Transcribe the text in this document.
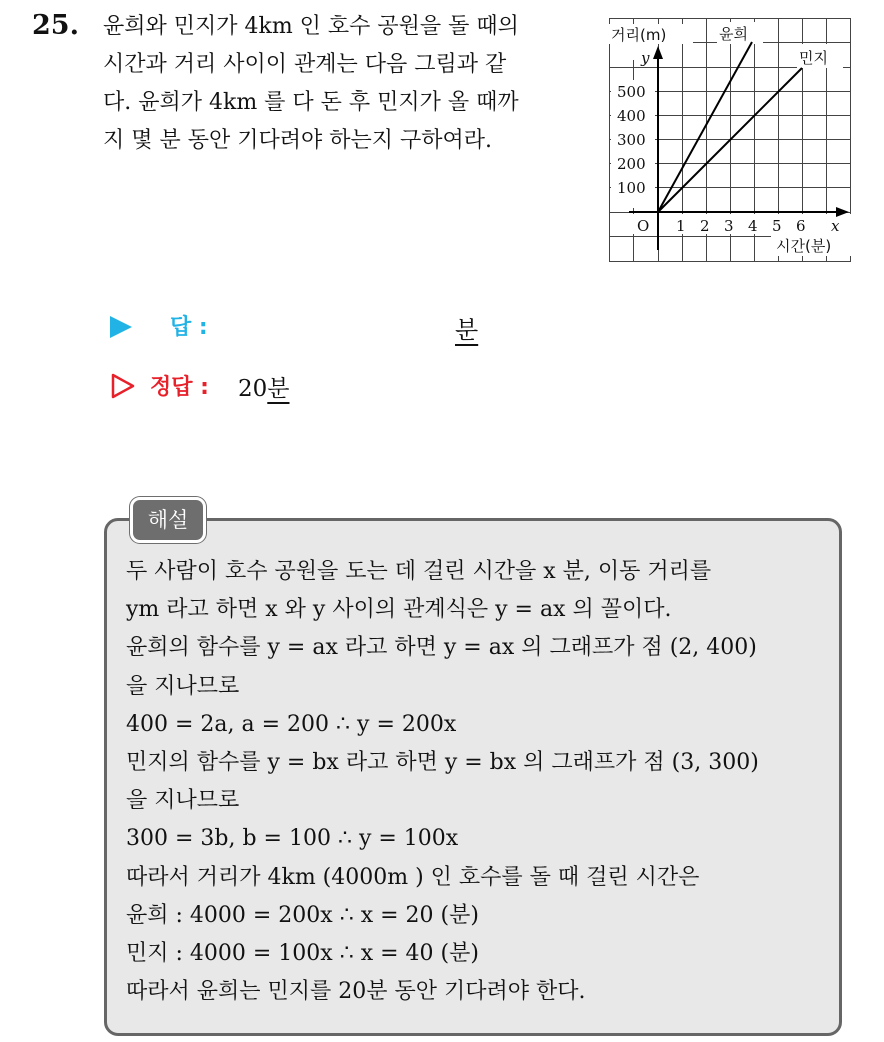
25. 윤희와 민지가 4km 인 호수 공원을 돌 때의
시간과 거리 사이이 관계는 다음 그림과 같
다. 윤희가 4km 를 다 돈 후 민지가 올 때까
지 몇 분 동안 기다려야 하는지 구하여라.
거리(m)
y
윤희
민지
500
400
300
200
100
O 1 2 3 4 5 6 x
시간(분)
답 :	분
정답 : 20분
해설
두 사람이 호수 공원을 도는 데 걸린 시간을 x 분, 이동 거리를
ym 라고 하면 x 와 y 사이의 관계식은 y = ax 의 꼴이다.
윤희의 함수를 y = ax 라고 하면 y = ax 의 그래프가 점 (2, 400)
을 지나므로
400 = 2a, a = 200 ∴ y = 200x
민지의 함수를 y = bx 라고 하면 y = bx 의 그래프가 점 (3, 300)
을 지나므로
300 = 3b, b = 100 ∴ y = 100x
따라서 거리가 4km (4000m ) 인 호수를 돌 때 걸린 시간은
윤희 : 4000 = 200x ∴ x = 20 (분)
민지 : 4000 = 100x ∴ x = 40 (분)
따라서 윤희는 민지를 20분 동안 기다려야 한다.
